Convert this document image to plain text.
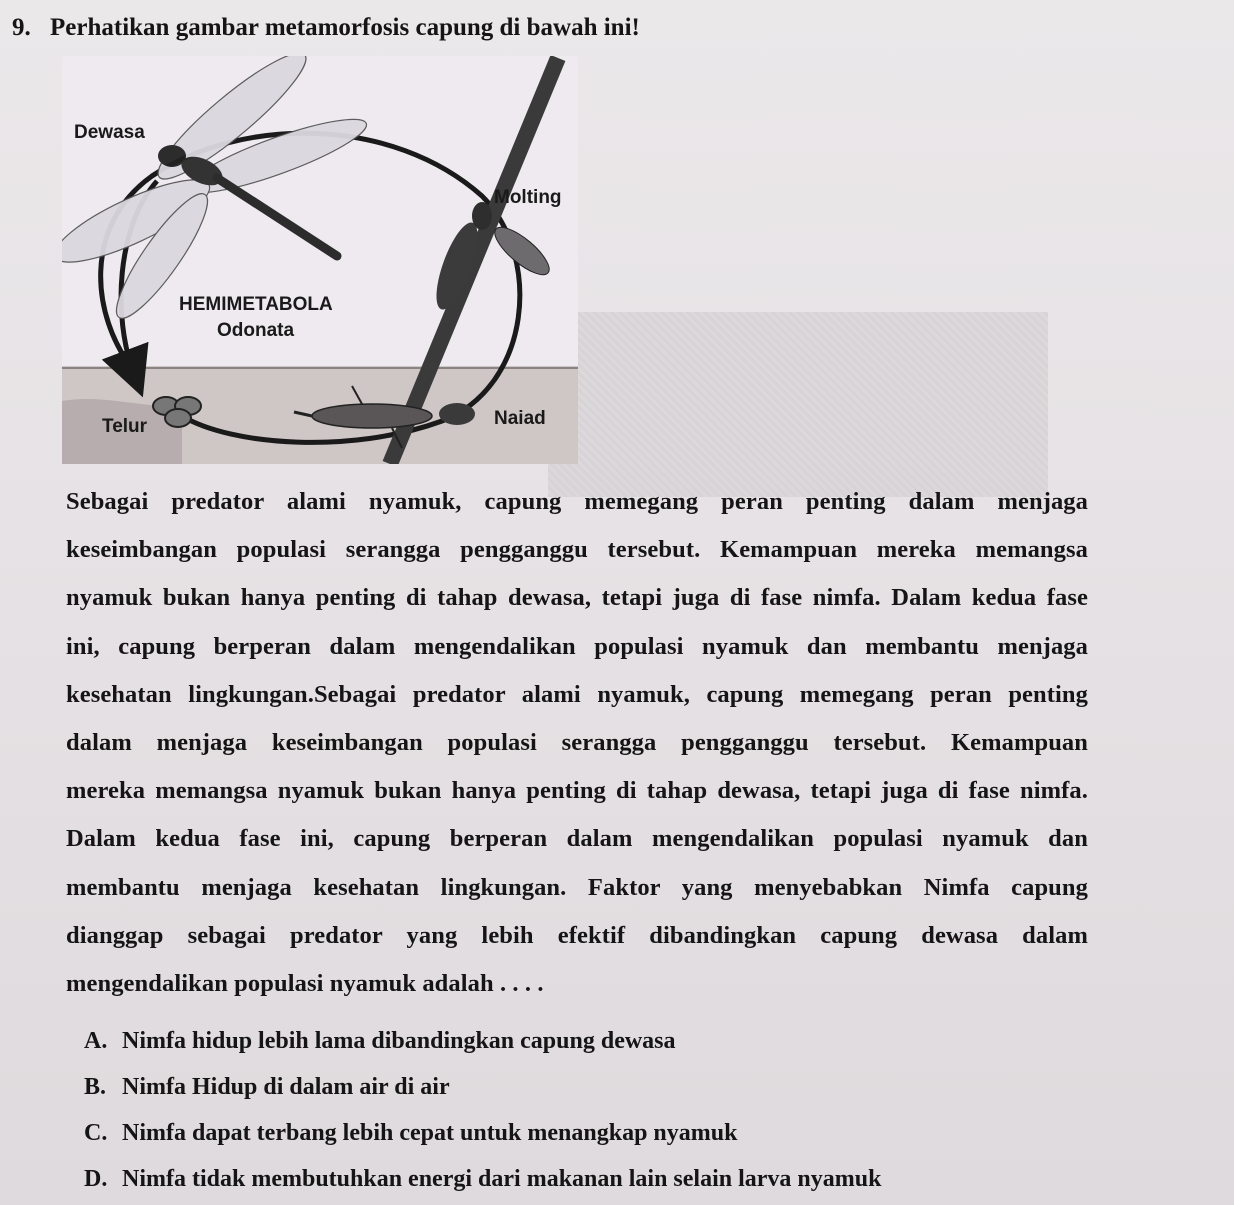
9. Perhatikan gambar metamorfosis capung di bawah ini!
Dewasa
Molting
HEMIMETABOLA
Odonata
Telur	Naiad
Sebagai predator alami nyamuk, capung memegang peran penting dalam menjaga
keseimbangan populasi serangga pengganggu tersebut. Kemampuan mereka memangsa
nyamuk bukan hanya penting di tahap dewasa, tetapi juga di fase nimfa. Dalam kedua fase
ini, capung berperan dalam mengendalikan populasi nyamuk dan membantu menjaga
kesehatan lingkungan.Sebagai predator alami nyamuk, capung memegang peran penting
dalam menjaga keseimbangan populasi serangga pengganggu tersebut. Kemampuan
mereka memangsa nyamuk bukan hanya penting di tahap dewasa, tetapi juga di fase nimfa.
Dalam kedua fase ini, capung berperan dalam mengendalikan populasi nyamuk dan
membantu menjaga kesehatan lingkungan. Faktor yang menyebabkan Nimfa capung
dianggap sebagai predator yang lebih efektif dibandingkan capung dewasa dalam
mengendalikan populasi nyamuk adalah . . . .
A. Nimfa hidup lebih lama dibandingkan capung dewasa
B. Nimfa Hidup di dalam air di air
C. Nimfa dapat terbang lebih cepat untuk menangkap nyamuk
D. Nimfa tidak membutuhkan energi dari makanan lain selain larva nyamuk
